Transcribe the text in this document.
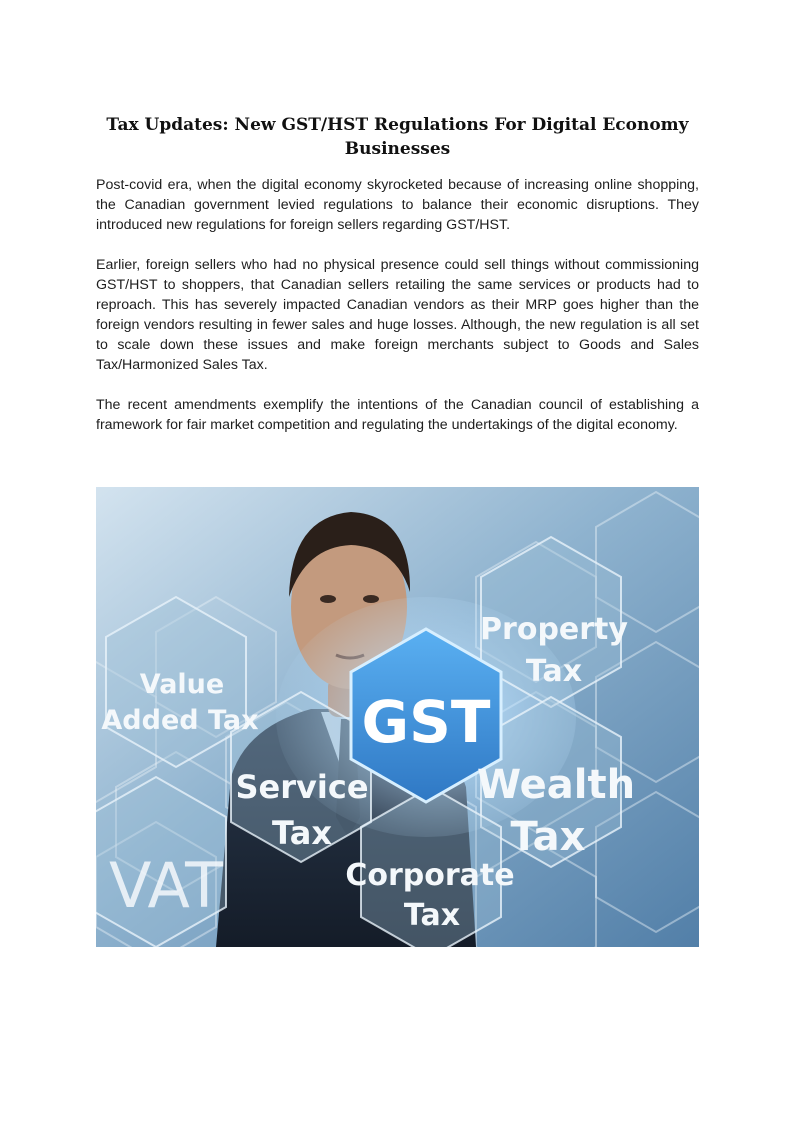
Tax Updates: New GST/HST Regulations For Digital Economy Businesses

Post-covid era, when the digital economy skyrocketed because of increasing online shopping, the Canadian government levied regulations to balance their economic disruptions. They introduced new regulations for foreign sellers regarding GST/HST.

Earlier, foreign sellers who had no physical presence could sell things without commissioning GST/HST to shoppers, that Canadian sellers retailing the same services or products had to reproach. This has severely impacted Canadian vendors as their MRP goes higher than the foreign vendors resulting in fewer sales and huge losses. Although, the new regulation is all set to scale down these issues and make foreign merchants subject to Goods and Sales Tax/Harmonized Sales Tax.

The recent amendments exemplify the intentions of the Canadian council of establishing a framework for fair market competition and regulating the undertakings of the digital economy.

GST
Property
Tax
Value
Added Tax
Service
Tax
Wealth
Tax
Corporate
Tax
VAT
